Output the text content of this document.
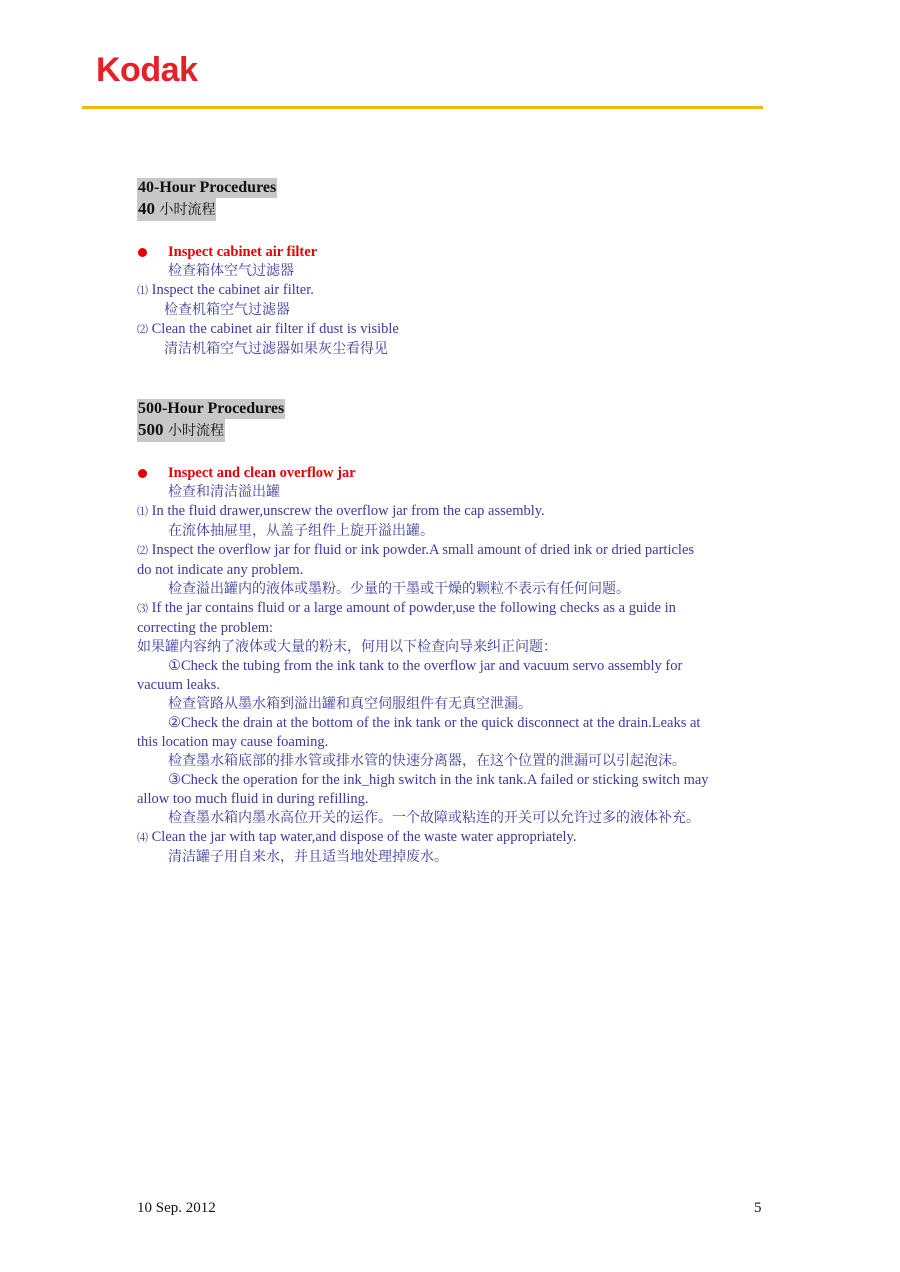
Kodak
40-Hour Procedures
40 小时流程
Inspect cabinet air filter
检查箱体空气过滤器
⑴ Inspect the cabinet air filter.
检查机箱空气过滤器
⑵ Clean the cabinet air filter if dust is visible
清洁机箱空气过滤器如果灰尘看得见
500-Hour Procedures
500 小时流程
Inspect and clean overflow jar
检查和清洁溢出罐
⑴ In the fluid drawer,unscrew the overflow jar from the cap assembly.
在流体抽屉里，从盖子组件上旋开溢出罐。
⑵ Inspect the overflow jar for fluid or ink powder.A small amount of dried ink or dried particles
do not indicate any problem.
检查溢出罐内的液体或墨粉。少量的干墨或干燥的颗粒不表示有任何问题。
⑶ If the jar contains fluid or a large amount of powder,use the following checks as a guide in
correcting the problem:
如果罐内容纳了液体或大量的粉末，何用以下检查向导来纠正问题：
①Check the tubing from the ink tank to the overflow jar and vacuum servo assembly for
vacuum leaks.
检查管路从墨水箱到溢出罐和真空伺服组件有无真空泄漏。
②Check the drain at the bottom of the ink tank or the quick disconnect at the drain.Leaks at
this location may cause foaming.
检查墨水箱底部的排水管或排水管的快速分离器，在这个位置的泄漏可以引起泡沫。
③Check the operation for the ink_high switch in the ink tank.A failed or sticking switch may
allow too much fluid in during refilling.
检查墨水箱内墨水高位开关的运作。一个故障或粘连的开关可以允许过多的液体补充。
⑷ Clean the jar with tap water,and dispose of the waste water appropriately.
清洁罐子用自来水，并且适当地处理掉废水。
10 Sep. 2012	5
